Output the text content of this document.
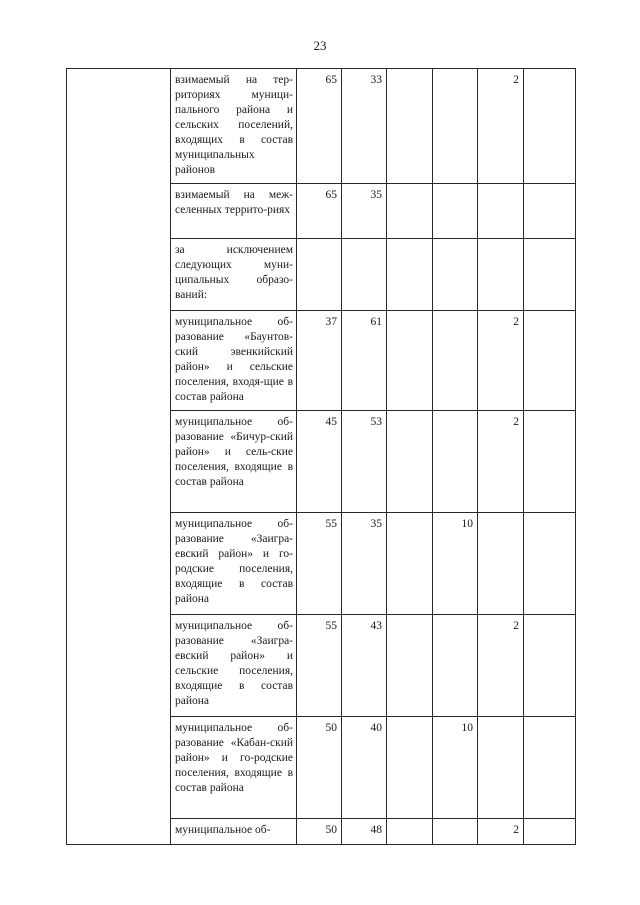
23

	взимаемый на тер-риториях муници-пального района и сельских поселений, входящих в состав муниципальных районов	65	33			2	

	взимаемый на меж-селенных террито-риях	65	35				

	за исключением следующих муни-ципальных образо-ваний:						

	муниципальное об-разование «Баунтов-ский эвенкийский район» и сельские поселения, входя-щие в состав района	37	61			2	

	муниципальное об-разование «Бичур-ский район» и сель-ские поселения, входящие в состав района	45	53			2	

	муниципальное об-разование «Заигра-евский район» и го-родские поселения, входящие в состав района	55	35		10		

	муниципальное об-разование «Заигра-евский район» и сельские поселения, входящие в состав района	55	43			2	

	муниципальное об-разование «Кабан-ский район» и го-родские поселения, входящие в состав района	50	40		10		

	муниципальное об-	50	48			2	
